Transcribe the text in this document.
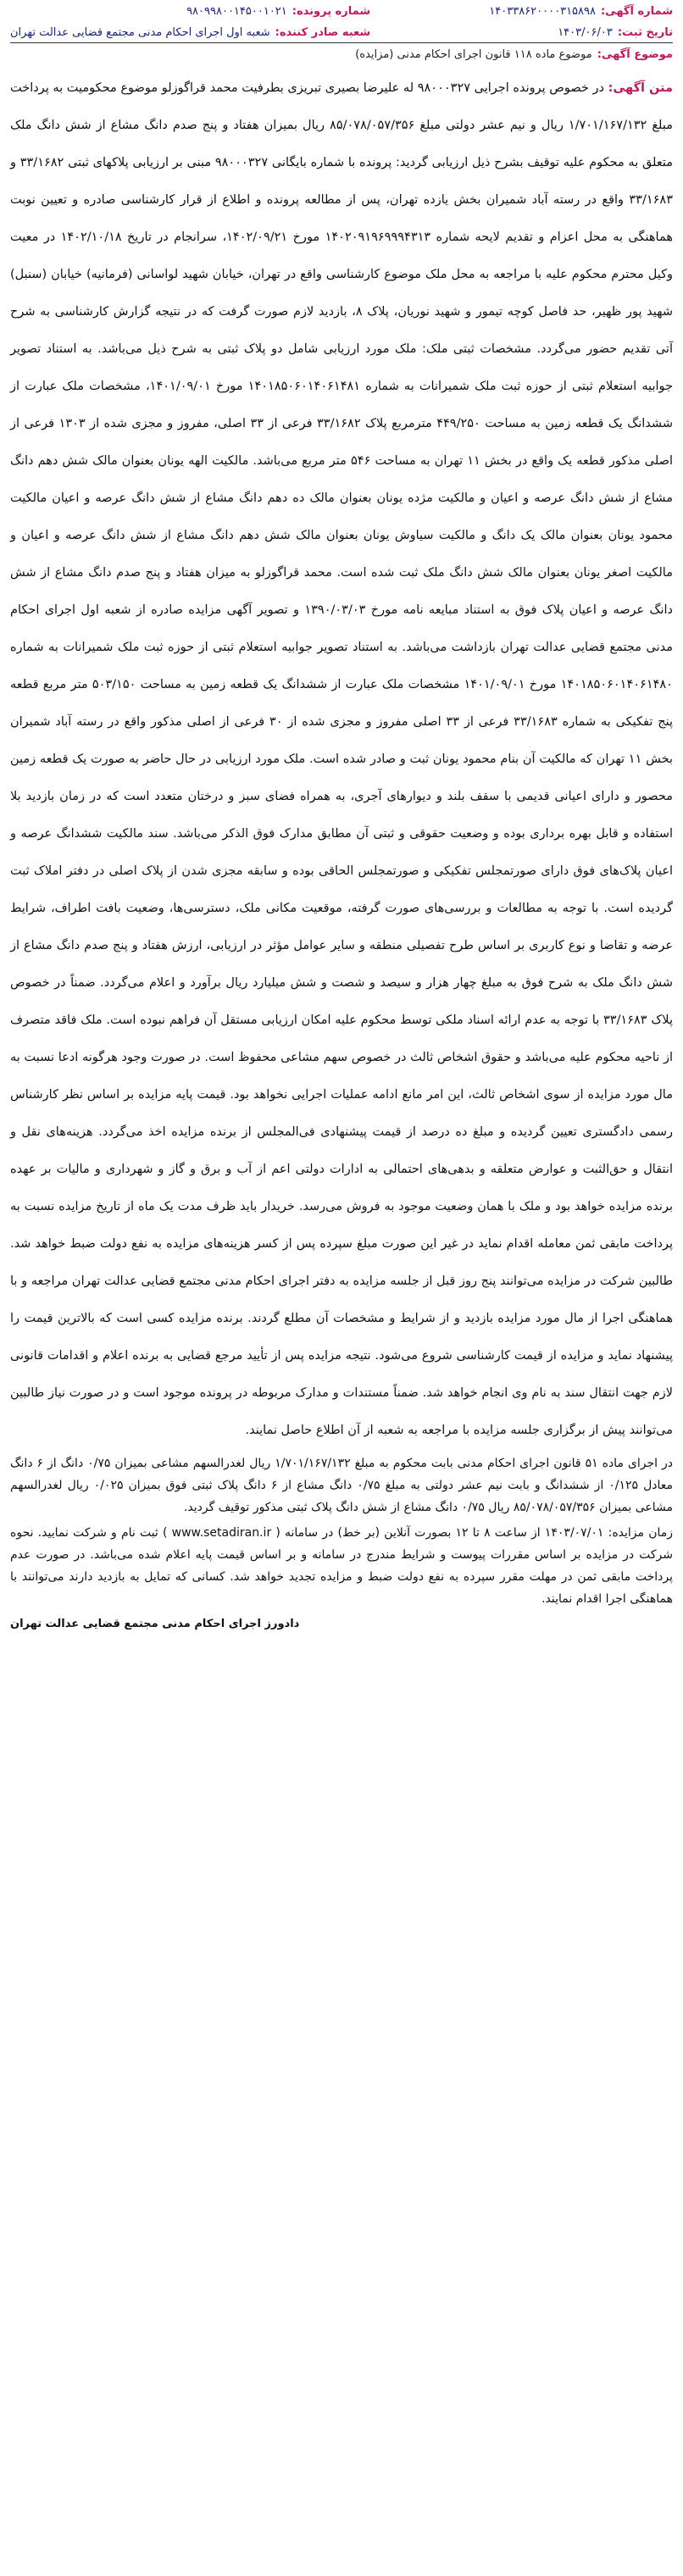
شماره آگهی:
۱۴۰۳۳۸۶۲۰۰۰۰۳۱۵۸۹۸
تاریخ ثبت:
۱۴۰۳/۰۶/۰۳
شماره پرونده:
۹۸۰۹۹۸۰۰۱۴۵۰۰۱۰۲۱
شعبه صادر کننده:
شعبه اول اجرای احکام مدنی مجتمع قضایی عدالت تهران
موضوع آگهی:
موضوع ماده ۱۱۸ قانون اجرای احکام مدنی (مزایده)

متن آگهی: در خصوص پرونده اجرایی ۹۸۰۰۰۳۲۷ له علیرضا بصیری تبریزی بطرفیت محمد قراگوزلو موضوع محکومیت به پرداخت مبلغ ۱/۷۰۱/۱۶۷/۱۳۲ ریال و نیم عشر دولتی مبلغ ۸۵/۰۷۸/۰۵۷/۳۵۶ ریال بمیزان هفتاد و پنج صدم دانگ مشاع از شش دانگ ملک متعلق به محکوم علیه توقیف بشرح ذیل ارزیابی گردید: پرونده با شماره بایگانی ۹۸۰۰۰۳۲۷ مبنی بر ارزیابی پلاکهای ثبتی ۳۳/۱۶۸۲ و ۳۳/۱۶۸۳ واقع در رسته آباد شمیران بخش یازده تهران، پس از مطالعه پرونده و اطلاع از قرار کارشناسی صادره و تعیین نوبت هماهنگی به محل اعزام و تقدیم لایحه شماره ۱۴۰۲۰۹۱۹۶۹۹۹۴۳۱۳ مورخ ۱۴۰۲/۰۹/۲۱، سرانجام در تاریخ ۱۴۰۲/۱۰/۱۸ در معیت وکیل محترم محکوم علیه با مراجعه به محل ملک موضوع کارشناسی واقع در تهران، خیابان شهید لواسانی (فرمانیه) خیابان (سنبل) شهید پور ظهیر، حد فاصل کوچه تیمور و شهید نوریان، پلاک ۸، بازدید لازم صورت گرفت که در نتیجه گزارش کارشناسی به شرح آتی تقدیم حضور می‌گردد. مشخصات ثبتی ملک: ملک مورد ارزیابی شامل دو پلاک ثبتی به شرح ذیل می‌باشد. به استناد تصویر جوابیه استعلام ثبتی از حوزه ثبت ملک شمیرانات به شماره ۱۴۰۱۸۵۰۶۰۱۴۰۶۱۴۸۱ مورخ ۱۴۰۱/۰۹/۰۱، مشخصات ملک عبارت از ششدانگ یک قطعه زمین به مساحت ۴۴۹/۲۵۰ مترمربع پلاک ۳۳/۱۶۸۲ فرعی از ۳۳ اصلی، مفروز و مجزی شده از ۱۳۰۳ فرعی از اصلی مذکور قطعه یک واقع در بخش ۱۱ تهران به مساحت ۵۴۶ متر مربع می‌باشد. مالکیت الهه یونان بعنوان مالک شش دهم دانگ مشاع از شش دانگ عرصه و اعیان و مالکیت مژده یونان بعنوان مالک ده دهم دانگ مشاع از شش دانگ عرصه و اعیان مالکیت محمود یونان بعنوان مالک یک دانگ و مالکیت سیاوش یونان بعنوان مالک شش دهم دانگ مشاع از شش دانگ عرصه و اعیان و مالکیت اصغر یونان بعنوان مالک شش دانگ ملک ثبت شده است. محمد قراگوزلو به میزان هفتاد و پنج صدم دانگ مشاع از شش دانگ عرصه و اعیان پلاک فوق به استناد مبایعه نامه مورخ ۱۳۹۰/۰۳/۰۳ و تصویر آگهی مزایده صادره از شعبه اول اجرای احکام مدنی مجتمع قضایی عدالت تهران بازداشت می‌باشد. به استناد تصویر جوابیه استعلام ثبتی از حوزه ثبت ملک شمیرانات به شماره ۱۴۰۱۸۵۰۶۰۱۴۰۶۱۴۸۰ مورخ ۱۴۰۱/۰۹/۰۱ مشخصات ملک عبارت از ششدانگ یک قطعه زمین به مساحت ۵۰۳/۱۵۰ متر مربع قطعه پنج تفکیکی به شماره ۳۳/۱۶۸۳ فرعی از ۳۳ اصلی مفروز و مجزی شده از ۳۰ فرعی از اصلی مذکور واقع در رسته آباد شمیران بخش ۱۱ تهران که مالکیت آن بنام محمود یونان ثبت و صادر شده است. ملک مورد ارزیابی در حال حاضر به صورت یک قطعه زمین محصور و دارای اعیانی قدیمی با سقف بلند و دیوارهای آجری، به همراه فضای سبز و درختان متعدد است که در زمان بازدید بلا استفاده و قابل بهره برداری بوده و وضعیت حقوقی و ثبتی آن مطابق مدارک فوق الذکر می‌باشد. سند مالکیت ششدانگ عرصه و اعیان پلاک‌های فوق دارای صورتمجلس تفکیکی و صورتمجلس الحاقی بوده و سابقه مجزی شدن از پلاک اصلی در دفتر املاک ثبت گردیده است. با توجه به مطالعات و بررسی‌های صورت گرفته، موقعیت مکانی ملک، دسترسی‌ها، وضعیت بافت اطراف، شرایط عرضه و تقاضا و نوع کاربری بر اساس طرح تفصیلی منطقه و سایر عوامل مؤثر در ارزیابی، ارزش هفتاد و پنج صدم دانگ مشاع از شش دانگ ملک به شرح فوق به مبلغ چهار هزار و سیصد و شصت و شش میلیارد ریال برآورد و اعلام می‌گردد. ضمناً در خصوص پلاک ۳۳/۱۶۸۳ با توجه به عدم ارائه اسناد ملکی توسط محکوم علیه امکان ارزیابی مستقل آن فراهم نبوده است. ملک فاقد متصرف از ناحیه محکوم علیه می‌باشد و حقوق اشخاص ثالث در خصوص سهم مشاعی محفوظ است. در صورت وجود هرگونه ادعا نسبت به مال مورد مزایده از سوی اشخاص ثالث، این امر مانع ادامه عملیات اجرایی نخواهد بود. قیمت پایه مزایده بر اساس نظر کارشناس رسمی دادگستری تعیین گردیده و مبلغ ده درصد از قیمت پیشنهادی فی‌المجلس از برنده مزایده اخذ می‌گردد. هزینه‌های نقل و انتقال و حق‌الثبت و عوارض متعلقه و بدهی‌های احتمالی به ادارات دولتی اعم از آب و برق و گاز و شهرداری و مالیات بر عهده برنده مزایده خواهد بود و ملک با همان وضعیت موجود به فروش می‌رسد. خریدار باید ظرف مدت یک ماه از تاریخ مزایده نسبت به پرداخت مابقی ثمن معامله اقدام نماید در غیر این صورت مبلغ سپرده پس از کسر هزینه‌های مزایده به نفع دولت ضبط خواهد شد. طالبین شرکت در مزایده می‌توانند پنج روز قبل از جلسه مزایده به دفتر اجرای احکام مدنی مجتمع قضایی عدالت تهران مراجعه و با هماهنگی اجرا از مال مورد مزایده بازدید و از شرایط و مشخصات آن مطلع گردند. برنده مزایده کسی است که بالاترین قیمت را پیشنهاد نماید و مزایده از قیمت کارشناسی شروع می‌شود. نتیجه مزایده پس از تأیید مرجع قضایی به برنده اعلام و اقدامات قانونی لازم جهت انتقال سند به نام وی انجام خواهد شد. ضمناً مستندات و مدارک مربوطه در پرونده موجود است و در صورت نیاز طالبین می‌توانند پیش از برگزاری جلسه مزایده با مراجعه به شعبه از آن اطلاع حاصل نمایند.

در اجرای ماده ۵۱ قانون اجرای احکام مدنی بابت محکوم به مبلغ ۱/۷۰۱/۱۶۷/۱۳۲ ریال لغدرالسهم مشاعی بمیزان ۰/۷۵ دانگ از ۶ دانگ معادل ۰/۱۲۵ از ششدانگ و بابت نیم عشر دولتی به مبلغ ۰/۷۵ دانگ مشاع از ۶ دانگ پلاک ثبتی فوق بمیزان ۰/۰۲۵ ریال لغدرالسهم مشاعی بمیزان ۸۵/۰۷۸/۰۵۷/۳۵۶ ریال ۰/۷۵ دانگ مشاع از شش دانگ پلاک ثبتی مذکور توقیف گردید.

زمان مزایده: ۱۴۰۳/۰۷/۰۱ از ساعت ۸ تا ۱۲ بصورت آنلاین (بر خط) در سامانه ( www.setadiran.ir ) ثبت نام و شرکت نمایید. نحوه شرکت در مزایده بر اساس مقررات پیوست و شرایط مندرج در سامانه و بر اساس قیمت پایه اعلام شده می‌باشد. در صورت عدم پرداخت مابقی ثمن در مهلت مقرر سپرده به نفع دولت ضبط و مزایده تجدید خواهد شد. کسانی که تمایل به بازدید دارند می‌توانند با هماهنگی اجرا اقدام نمایند.

دادورز اجرای احکام مدنی مجتمع قضایی عدالت تهران
